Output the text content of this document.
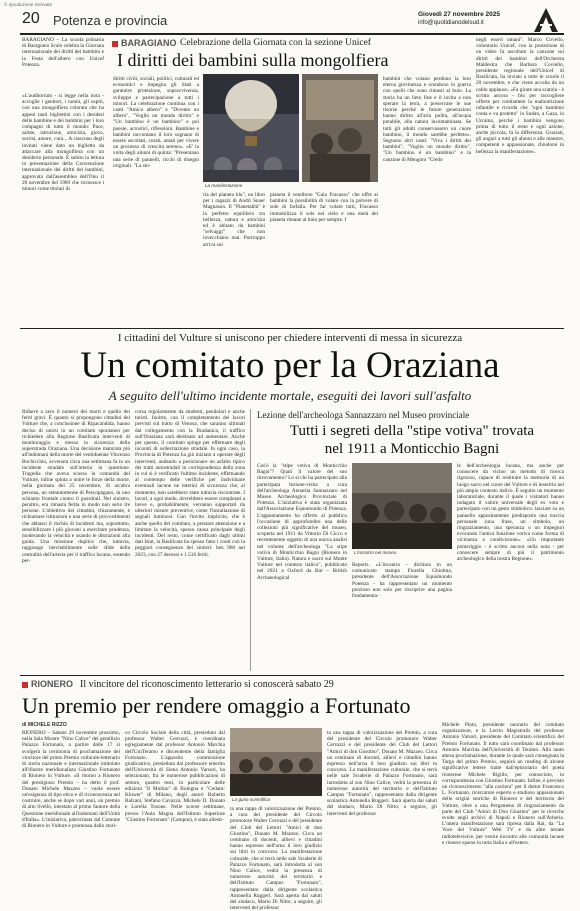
© riproduzione riservata
20 Potenza e provincia	Giovedì 27 novembre 2025
info@quotidianodelsud.it
BARAGIANO – La scuola primaria di Baragiano Scalo celebra la Giornata internazionale dei diritti dei bambini e la Festa dell'albero con Unicef Potenza.
«L'auditorium - si legge nella nota - accoglie i genitori, i nonni, gli ospiti, con una mongolfiera colorata che ha appesi tanti bigliettini con i desideri delle bambine e dei bambini per i loro compagni di tutto il mondo: Pace, salute, istruzione, amicizia, gioco, sorrisi, amore, cura... A ciascuno degli invitati viene dato un biglietto da attaccare alla mongolfiera con un desiderio personale. È subito la lettura in presentazione della Convenzione internazionale dei diritti dei bambini, approvata dall'assemblea dell'Onu il 20 novembre del 1989 che riconosce i minori come titolari di
BARAGIANO Celebrazione della Giornata con la sezione Unicef
I diritti dei bambini sulla mongolfiera
diritti civili, sociali, politici, culturali ed economici e impegna gli Stati a garantire protezione, sopravvivenza, sviluppo e partecipazione a tutti i minori. La celebrazione continua con i canti "Amico albero" e "Divento un albero", "Voglio un mondo diritto" e "Un bambino è un bambino" e poi poesie, acrostici, riflessioni. Bambine e bambini raccontano il loro sognano di essere ascoltati, curati, amati per vivere un processo di crescita sereno». «E' la volta degli alunni di quinta: "Presentano una serie di pannelli, ricchi di disegni originali. "La sto-
La manifestazione
ria del pianeta blu", un libro per i ragazzi di Andri Snaer Magnason. Il "Pianetablù" è la perfetto equilibrio tra bellezza, natura e amicizia ed è abitato da bambini "selvaggi" che non invecchiano mai. Purtroppo arriva sul
pianeta il venditore "Gaio Fracasso" che offre ai bambini la possibilità di volare con la polvere di sole di farfalla. Per far volare tutti, Fracasso immobilizza il sole nel cielo e una metà del pianeta rimane al buio per sempre. I
bambini che volano perdono la loro eterna giovinezza e scendono in guerra con quelli che sono rimasti al buio. La storia ha un lieto fine e il invita a non sperare la terra, a preservare le sue risorse perché le future generazioni hanno diritto all'aria pulita, all'acqua potabile, alla natura incontaminata. Se tutti gli adulti conservassero un cuore bambino, il mondo sarebbe perfetto». Seguono altri canti: "Viva i diritti dei bambini", "Voglio un mondo diritto", "Un bambino è un bambino" e la canzone di Mengoni "Credo
negli esseri umani". Marco Covello, volontario Unicef, con la proiezione di un video fa ascoltare la canzone sui diritti dei bambini dell'Orchestra Maldestra che Barbara Coviello, presidente regionale dell'Unicef di Basilicata, ha inviato a tutte le scuole il 20 novembre, e che viene accolta da un caldo applauso. «Fa girare una scatola - è scritto ancora - blu per raccogliere offerte per combattere la malnutrizione infantile e ricorda che "ogni bambino conta e va protetto" in Sudan, a Gaza, in Ucraina, perché i bambini vengono prima di tutto il resto e ogni azione, anche piccola, fa la differenza. Graziati, gli auguri a tutti gli alunni e alle maestre, competenti e appassionate, chiudono in bellezza la manifestazione».
I cittadini del Vulture si uniscono per chiedere interventi di messa in sicurezza
Un comitato per la Oraziana
A seguito dell'ultimo incidente mortale, eseguiti dei lavori sull'asfalto
Ridurre a zero il numero dei morti e quello dei feriti gravi. È quanto si propongono cittadini del Vulture che, a conclusione di Ripacandida, hanno deciso di unirsi in un comitato spontaneo per richiedere alla Regione Basilicata interventi di monitoraggio e messa in sicurezza della superstrada Oraziana. Una decisione maturata più all'indomani della morte del ventiduenne Vincenzo Bochicchio, avvenuta circa una settimana fa in un incidente stradale sull'arteria in questione. Tragedia che aveva scosso la comunità del Vulture, infine spinta a unire le forze della morte, nella giornata del 25 novembre, di un'altra persona, un settantottenne di Pescopagano, in uno schianto frontale contro il guardrail. Nel sinistro, peraltro, era rimasta ferita in modo non serio tre persone. L'obiettivo dei cittadini, chiaramente, è richiamare istituzioni e una serie di provvedimenti che abbassi il rischio di incidenti ma, soprattutto, sensibilizzare i più giovani a esercitare prudenza, moderando la velocità e usando le distrazioni alla guida. Una missione duplice che, tuttavia, raggiunge inevitabilmente sulle sfide della centralità dell'arteria per il traffico lucano, essendo per-
corsa regolarmente da studenti, pendolari e anche turisti. Inoltre, con il completamento dei lavori previsti sul tratto di Venosa, che saranno ultimati dal collegamento con la Bradanica, il traffico sull'Oraziana sarà destinato ad aumentare. Anche per questo, il comitato spinge per effettuare degli incontri di sollecitazione stradale. In ogni caso, la Provincia di Potenza ha già iniziato a operare degli interventi, andando a posizionare un asfalto tipico dei tratti autostradali in corrispondenza della zona in cui si è verificato l'ultimo incidente, effettuando al contempo delle verifiche per individuare eventuali lacune ne interini di sicurezza che, al momento, non sarebbero state tuttavia riscontrate. I lavori, a ogni modo, dovrebbero essere completati a breve e, probabilmente, verranno supportati da ulteriori misure preventive, come l'installazione di segnali luminosi. Con l'invito implicito, che è anche quello del comitato, a prestare attenzione e a limitare la velocità, spesso causa principale degli incidenti. Del resto, come certificato dagli ultimi dati Istat, la Basilicata ha spesso fatto i conti con la peggiori conseguenze dei sinistri: ben 968 nel 2023, con 27 decessi e 1.516 feriti.
Lezione dell'archeologa Sannazzaro nel Museo provinciale
Tutti i segreti della "stipe votiva" trovata nel 1911 a Monticchio Bagni
Cos'è la "stipe votiva di Monticchio Bagni"? Quali il valore del suo ritrovamento? Lo si chi ha partecipato alla partecipata lezione-visita a cura dell'archeologa Annarita Sannazzaro nel Museo Archeologico Provinciale di Potenza. L'iniziativa è stata organizzata dall'Associazione Equomondo di Potenza. L'appuntamento ha offerto al pubblico l'occasione di approfondire una delle collezioni più significative del museo, scoperta nel 1911 da Vittorio Di Cicco e recentemente oggetto di una nuova analisi nel volume dell'archeologa "La stipe votiva di Monticchio Bagni (Rionero in Vulture, Italia). Natura e sacro sul Monte Vulture nel contesto italico", pubblicato nel 2021 a Oxford da Bar – British Archaeological
L'incontro nel museo
Reports. «L'incontro - dichiara in un comunicato stampa Fiorella Ghiolma, presidente dell'Associazione Equomondo Potenza - ha rappresentato un momento prezioso non solo per riscoprire una pagina fondamenta-
le dell'archeologia lucana, ma anche per conoscere da vicino un metodo di ricerca rigoroso, capace di restituire la memoria di un luogo sacro nel cuore del Vulture e di inserirlo nel più ampio contesto italico. È seguito un momento laboratoriale, durante il quale i visitatori hanno indagato il valore universale degli ex voto e partecipato con un gesto simbolico: lasciare su un pannello appositamente predisposto una traccia personale (una frase, un simbolo, un ringraziamento, una speranza o un impegno) evocando l'antica funzione votiva come forma di vicinanza e condivisione». «Un importante pomeriggio - è scritto ancora nella nota - per conoscere sempre di più il patrimonio archeologico della nostra Regione».
RIONERO Il vincitore del riconoscimento letterario si conoscerà sabato 29
Un premio per rendere omaggio a Fortunato
di MICHELE RIZZO
RIONERO – Sabato 29 novembre prossimo, nella Sala Mostre "Nino Calice" del gentilizio Palazzo Fortunato, a partire dalle 17 si svolgerà la cerimonia di proclamazione del vincitore del primo Premio culturale-letterario di storia nazionale e internazionale intitolato all'illustre meridionalista Giustino Fortunato di Rionero in Vulture. «Il ritorno a Rionero del prestigioso Premio – ha detto il prof. Donato Michele Mazzeo – vuole essere un'esigenza di tipo etico e di riconoscenza nel costruire, anche se dopo vari anni, un premio di alto livello, intestato al primo fautore della Questione meridionale all'indomani dell'Unità d'Italia». L'iniziativa, patrocinata dal Comune di Rionero in Vulture e promossa dallo stori-
co Circolo Sociale della città, presieduto dal professor Walter Cerruzzi, è coordinata egregiamente dal professor Antonio Marchia dell'UniTeramo e discendente della famiglia Fortunato. L'apposita commissione giudicatrice, presieduta dal professore emerito dell'Università di Siena Antonio Varsori, ha selezionato, fra le numerose pubblicazioni di settore, quattro testi, in particolare delle edizioni "Il Mulino" di Bologna e "Cedam-Kluwer" di Milano, degli autori Roberto Balzani, Stefano Cavazza, Michele D. Donato e Lorella Tosone. Nelle scorse settimane, presso l'Aula Magna dell'Istituto Superiore "Giustino Fortunato" (Campus), è stata allesti-
La guria scientifica
ta una tappa di valorizzazione del Premio, a cura del presidente del Circolo promotore Walter Cerruzzi e del presidente del Club del Lettori "Amici di don Giustino", Donato M. Mazzeo. Circa un centinaio di docenti, allievi e cittadini hanno espresso nell'urna il loro giudizio sui libri in concorso. La manifestazione culturale, che si terrà nelle sale Scuderie di Palazzo Fortunato, sarà introdotta al son Nino Calice, vedrà la presenza di numerose autorità del territorio e dell'Istituto Campus "Fortunato", rappresentato dalla dirigente scolastica Antonella Ruggeri. Sarà aperta dai saluti del sindaco, Mario Di Nitto; a seguire, gli interventi del professor
ta una tappa di valorizzazione del Premio, a cura del presidente del Circolo promotore Walter Cerruzzi e del presidente del Club del Lettori "Amici di don Giustino", Donato M. Mazzeo. Circa un centinaio di docenti, allievi e cittadini hanno espresso nell'urna il loro giudizio sui libri in concorso. La manifestazione culturale, che si terrà nelle sale Scuderie di Palazzo Fortunato, sarà introdotta al son Nino Calice, vedrà la presenza di numerose autorità del territorio e dell'Istituto Campus "Fortunato", rappresentato dalla dirigente scolastica Antonella Ruggeri. Sarà aperta dai saluti del sindaco, Mario Di Nitto; a seguire, gli interventi del professor
Michele Pinto, presidente onorario del comitato organizzatore, e la Lectio Magistralis del professor Antonio Varsori, presidente del Comitato scientifico del Premio Fortunato. Il tutto sarà coordinato dal professor Antonio Marchia dell'Università di Teramo. Alla tanto attesa proclamazione, durante la quale sarà consegnata la Targa del primo Premio, seguirà un reading di alcune significative lettere tratte dall'epistolario del poeta rionerese Michele Rigillo, per conosciuto, in corrispondenza con Giustino Fortunato. Infine, è previsto un riconoscimento "alla carriera" per il dottor Francesco L. Fortunato, ricercatore esperto e studioso appassionato delle origini storiche di Rionero e del territorio del Vulture, oltre a una Pergamena di ringraziamento da parte del Club "Amici di Don Giustino" per le ricerche svolte negli archivi di Napoli e Rionero sull'Arberia. L'intera manifestazione sarà ripresa dalla Rai, da "La Voce del Vulture" Web TV e da altre testate radiotelevisive, per venire incontro alle comunità lucane e rionero sparse in tutta Italia e all'estero.
